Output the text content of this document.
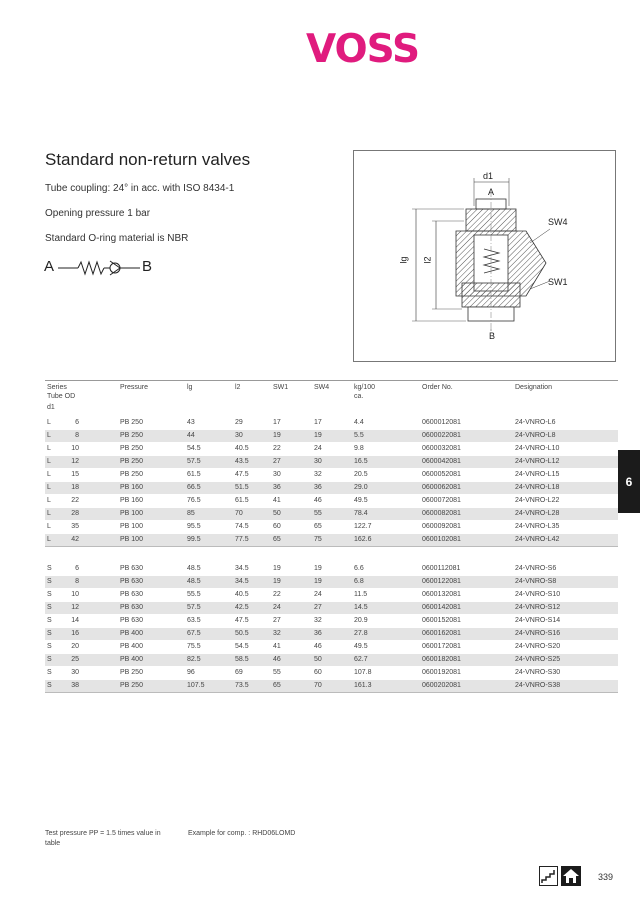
VOSS
Standard non-return valves
Tube coupling: 24° in acc. with ISO 8434-1
Opening pressure 1 bar
Standard O-ring material is NBR
A	B
d1
A
SW4
SW1
lg l2
B
6
Series
Tube OD
d1
Pressure	lg	l2	SW1	SW4	kg/100
ca.
Order No.	Designation
L	6	PB 250	43	29	17	17	4.4	0600012081	24-VNRO-L6
L	8	PB 250	44	30	19	19	5.5	0600022081	24-VNRO-L8
L	10	PB 250	54.5	40.5	22	24	9.8	0600032081	24-VNRO-L10
L	12	PB 250	57.5	43.5	27	30	16.5	0600042081	24-VNRO-L12
L	15	PB 250	61.5	47.5	30	32	20.5	0600052081	24-VNRO-L15
L	18	PB 160	66.5	51.5	36	36	29.0	0600062081	24-VNRO-L18
L	22	PB 160	76.5	61.5	41	46	49.5	0600072081	24-VNRO-L22
L	28	PB 100	85	70	50	55	78.4	0600082081	24-VNRO-L28
L	35	PB 100	95.5	74.5	60	65	122.7	0600092081	24-VNRO-L35
L	42	PB 100	99.5	77.5	65	75	162.6	0600102081	24-VNRO-L42
S	6	PB 630	48.5	34.5	19	19	6.6	0600112081	24-VNRO-S6
S	8	PB 630	48.5	34.5	19	19	6.8	0600122081	24-VNRO-S8
S	10	PB 630	55.5	40.5	22	24	11.5	0600132081	24-VNRO-S10
S	12	PB 630	57.5	42.5	24	27	14.5	0600142081	24-VNRO-S12
S	14	PB 630	63.5	47.5	27	32	20.9	0600152081	24-VNRO-S14
S	16	PB 400	67.5	50.5	32	36	27.8	0600162081	24-VNRO-S16
S	20	PB 400	75.5	54.5	41	46	49.5	0600172081	24-VNRO-S20
S	25	PB 400	82.5	58.5	46	50	62.7	0600182081	24-VNRO-S25
S	30	PB 250	96	69	55	60	107.8	0600192081	24-VNRO-S30
S	38	PB 250	107.5	73.5	65	70	161.3	0600202081	24-VNRO-S38
Test pressure PP = 1.5 times value in table
Example for comp. : RHD06LOMD
339
